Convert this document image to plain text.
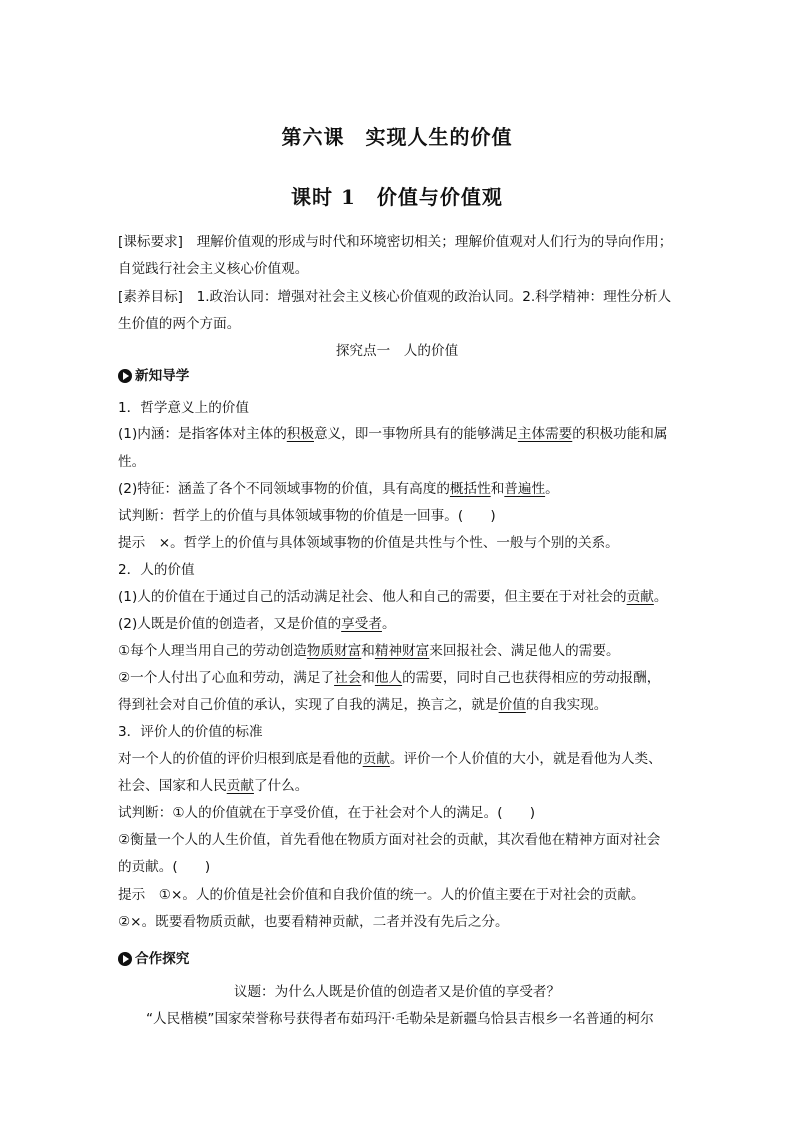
第六课　实现人生的价值
课时 1　价值与价值观
[课标要求]　理解价值观的形成与时代和环境密切相关；理解价值观对人们行为的导向作用；
自觉践行社会主义核心价值观。
[素养目标]　1.政治认同：增强对社会主义核心价值观的政治认同。2.科学精神：理性分析人
生价值的两个方面。
探究点一　人的价值
新知导学
1．哲学意义上的价值
(1)内涵：是指客体对主体的积极意义，即一事物所具有的能够满足主体需要的积极功能和属
性。
(2)特征：涵盖了各个不同领域事物的价值，具有高度的概括性和普遍性。
试判断：哲学上的价值与具体领域事物的价值是一回事。(　　)
提示　×。哲学上的价值与具体领域事物的价值是共性与个性、一般与个别的关系。
2．人的价值
(1)人的价值在于通过自己的活动满足社会、他人和自己的需要，但主要在于对社会的贡献。
(2)人既是价值的创造者，又是价值的享受者。
①每个人理当用自己的劳动创造物质财富和精神财富来回报社会、满足他人的需要。
②一个人付出了心血和劳动，满足了社会和他人的需要，同时自己也获得相应的劳动报酬，
得到社会对自己价值的承认，实现了自我的满足，换言之，就是价值的自我实现。
3．评价人的价值的标准
对一个人的价值的评价归根到底是看他的贡献。评价一个人价值的大小，就是看他为人类、
社会、国家和人民贡献了什么。
试判断：①人的价值就在于享受价值，在于社会对个人的满足。(　　)
②衡量一个人的人生价值，首先看他在物质方面对社会的贡献，其次看他在精神方面对社会
的贡献。(　　)
提示　①×。人的价值是社会价值和自我价值的统一。人的价值主要在于对社会的贡献。
②×。既要看物质贡献，也要看精神贡献，二者并没有先后之分。
合作探究
议题：为什么人既是价值的创造者又是价值的享受者？
“人民楷模”国家荣誉称号获得者布茹玛汗·毛勒朵是新疆乌恰县吉根乡一名普通的柯尔
